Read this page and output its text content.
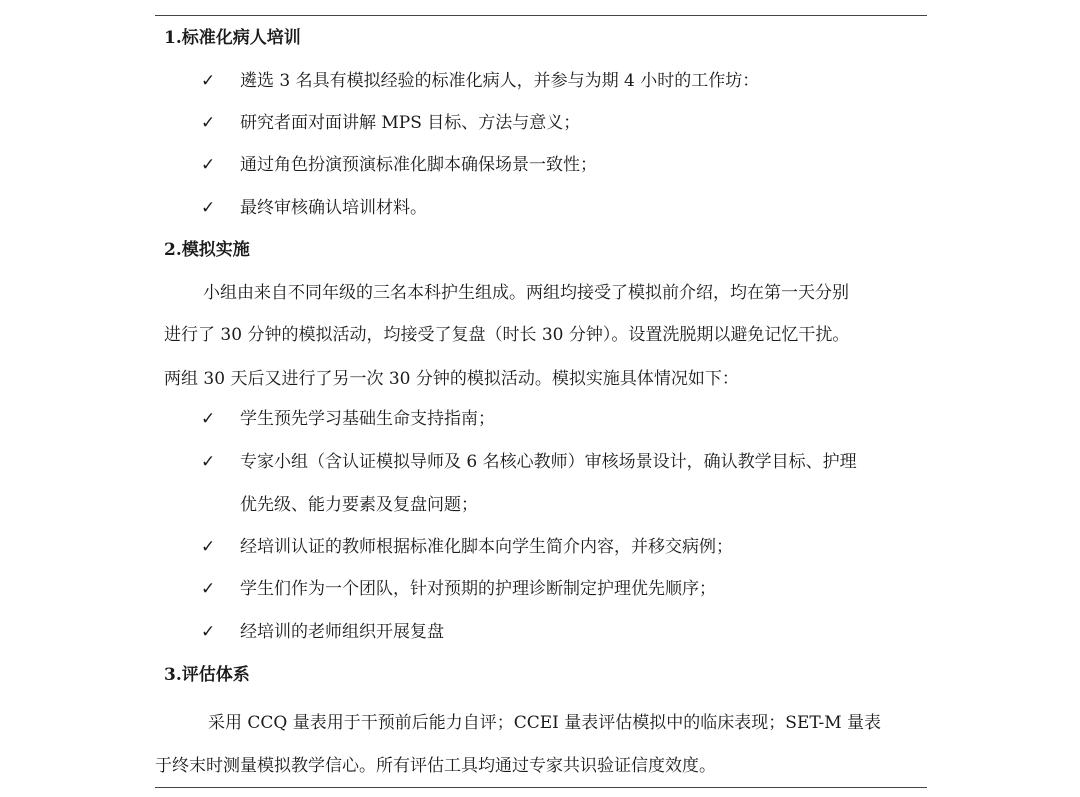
1.标准化病人培训
✓ 遴选 3 名具有模拟经验的标准化病人，并参与为期 4 小时的工作坊：
✓ 研究者面对面讲解 MPS 目标、方法与意义；
✓ 通过角色扮演预演标准化脚本确保场景一致性；
✓ 最终审核确认培训材料。
2.模拟实施
小组由来自不同年级的三名本科护生组成。两组均接受了模拟前介绍，均在第一天分别
进行了 30 分钟的模拟活动，均接受了复盘（时长 30 分钟）。设置洗脱期以避免记忆干扰。
两组 30 天后又进行了另一次 30 分钟的模拟活动。模拟实施具体情况如下：
✓ 学生预先学习基础生命支持指南；
✓ 专家小组（含认证模拟导师及 6 名核心教师）审核场景设计，确认教学目标、护理
优先级、能力要素及复盘问题；
✓ 经培训认证的教师根据标准化脚本向学生简介内容，并移交病例；
✓ 学生们作为一个团队，针对预期的护理诊断制定护理优先顺序；
✓ 经培训的老师组织开展复盘
3.评估体系
采用 CCQ 量表用于干预前后能力自评；CCEI 量表评估模拟中的临床表现；SET-M 量表
于终末时测量模拟教学信心。所有评估工具均通过专家共识验证信度效度。
